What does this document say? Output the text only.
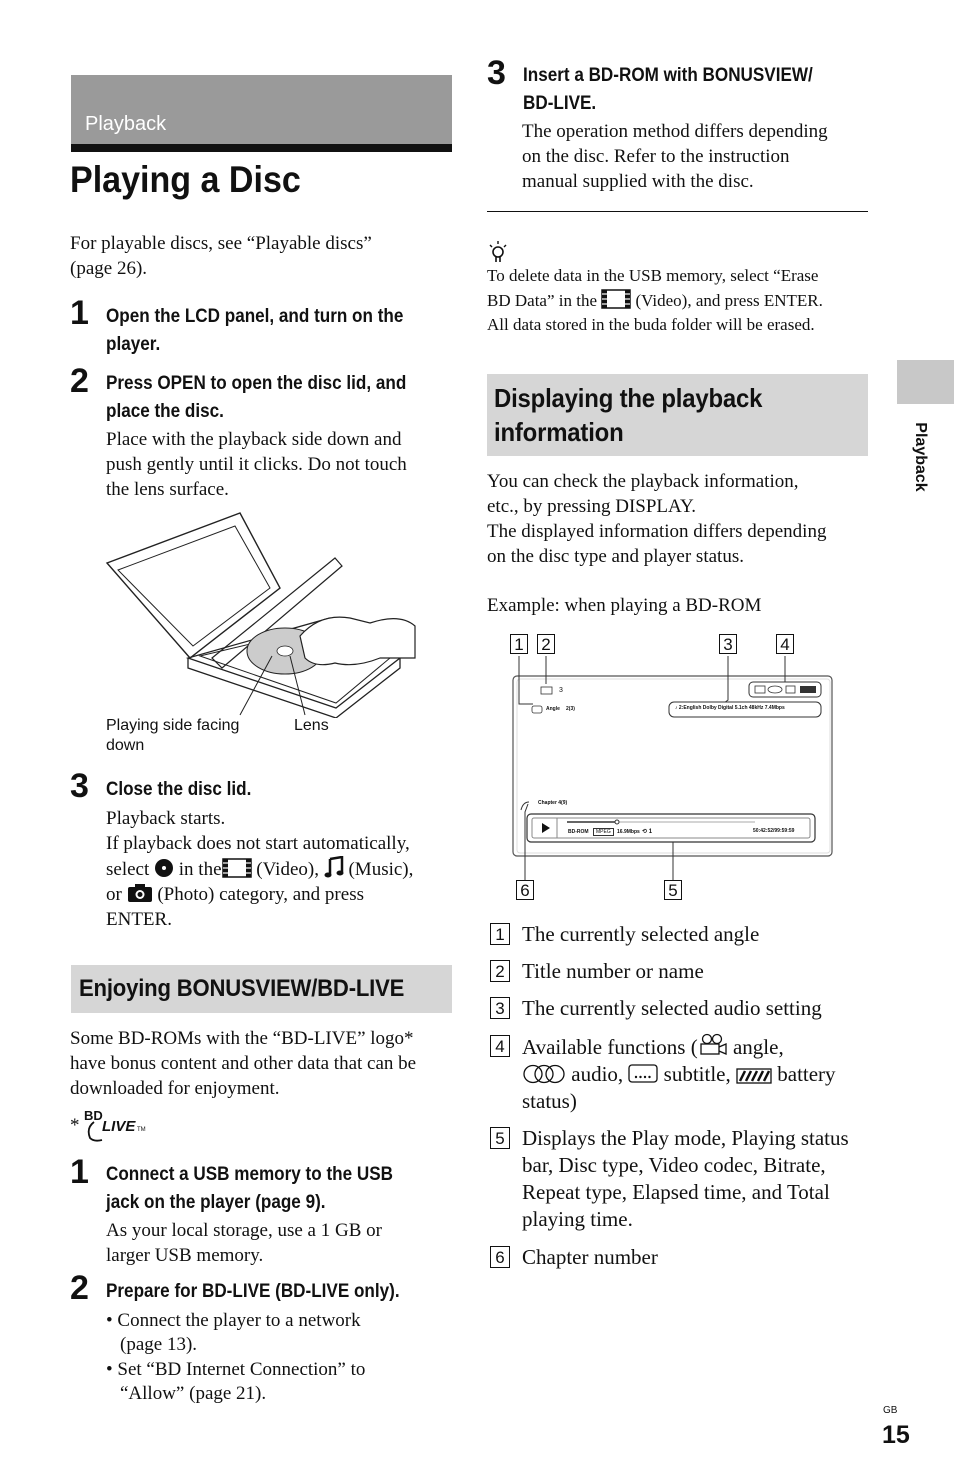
Playback
Playing a Disc
For playable discs, see “Playable discs”
(page 26).
1 Open the LCD panel, and turn on the
player.
2 Press OPEN to open the disc lid, and
place the disc.
Place with the playback side down and
push gently until it clicks. Do not touch
the lens surface.
Playing side facing
down
Lens
3 Close the disc lid.
Playback starts.
If playback does not start automatically,
select in the (Video), (Music),
or (Photo) category, and press
ENTER.
Enjoying BONUSVIEW/BD-LIVE
Some BD-ROMs with the “BD-LIVE” logo*
have bonus content and other data that can be
downloaded for enjoyment.
* BD
LIVE TM
1 Connect a USB memory to the USB
jack on the player (page 9).
As your local storage, use a 1 GB or
larger USB memory.
2 Prepare for BD-LIVE (BD-LIVE only).
• Connect the player to a network
(page 13).
• Set “BD Internet Connection” to
“Allow” (page 21).
3 Insert a BD-ROM with BONUSVIEW/
BD-LIVE.
The operation method differs depending
on the disc. Refer to the instruction
manual supplied with the disc.
To delete data in the USB memory, select “Erase
BD Data” in the (Video), and press ENTER.
All data stored in the buda folder will be erased.
Displaying the playback
information
You can check the playback information,
etc., by pressing DISPLAY.
The displayed information differs depending
on the disc type and player status.
Example: when playing a BD-ROM
1 2	3	4
6	5
3
Angle 2(3)	♪ 2:English Dolby Digital 5.1ch 48kHz 7.4Mbps
Chapter 4(9)
BD-ROM	MPEG	16.9Mbps ⟲ 1	50:42:52/99:59:59
1 The currently selected angle
2 Title number or name
3 The currently selected audio setting
4 Available functions ( angle,
audio, subtitle, battery
status)
5 Displays the Play mode, Playing status
bar, Disc type, Video codec, Bitrate,
Repeat type, Elapsed time, and Total
playing time.
6 Chapter number
Playback
GB
15
